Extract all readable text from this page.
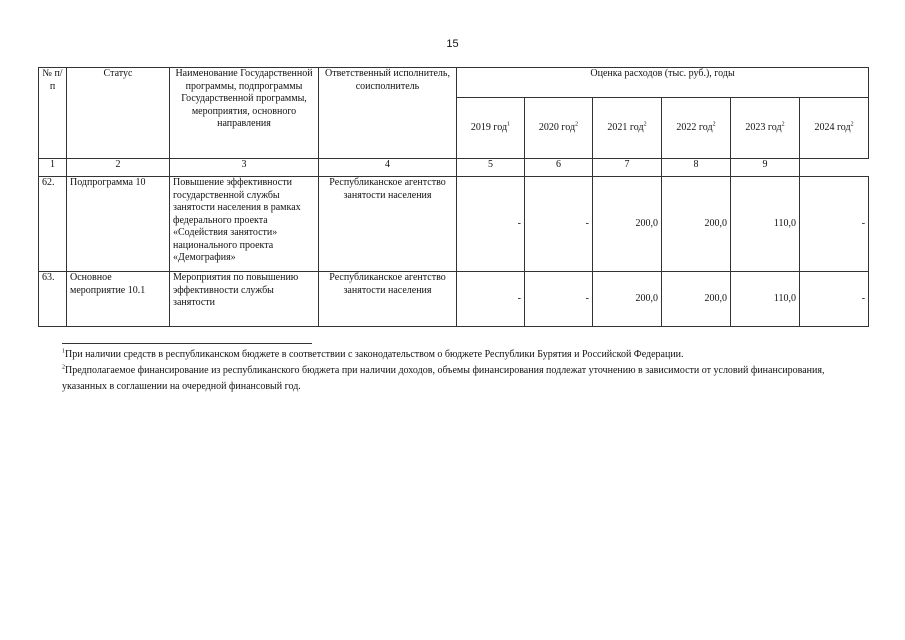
15
№ п/п	Статус	Наименование Государственной программы, подпрограммы Государственной программы, мероприятия, основного направления	Ответственный исполнитель, соисполнитель	Оценка расходов (тыс. руб.), годы					
				2019 год$^1$	2020 год$^2$	2021 год$^2$	2022 год$^2$	2023 год$^2$	2024 год$^2$
1	2	3	4	5	6	7	8	9	
62.	Подпрограмма 10	Повышение эффективности государственной службы занятости населения в рамках федерального проекта «Содействия занятости» национального проекта «Демография»	Республиканское агентство занятости населения	-	-	200,0	200,0	110,0	-
63.	Основное мероприятие 10.1	Мероприятия по повышению эффективности службы занятости	Республиканское агентство занятости населения	-	-	200,0	200,0	110,0	-

$^1$При наличии средств в республиканском бюджете в соответствии с законодательством о бюджете Республики Бурятия и Российской Федерации.

$^2$Предполагаемое финансирование из республиканского бюджета при наличии доходов, объемы финансирования подлежат уточнению в зависимости от условий финансирования, указанных в соглашении на очередной финансовый год.
